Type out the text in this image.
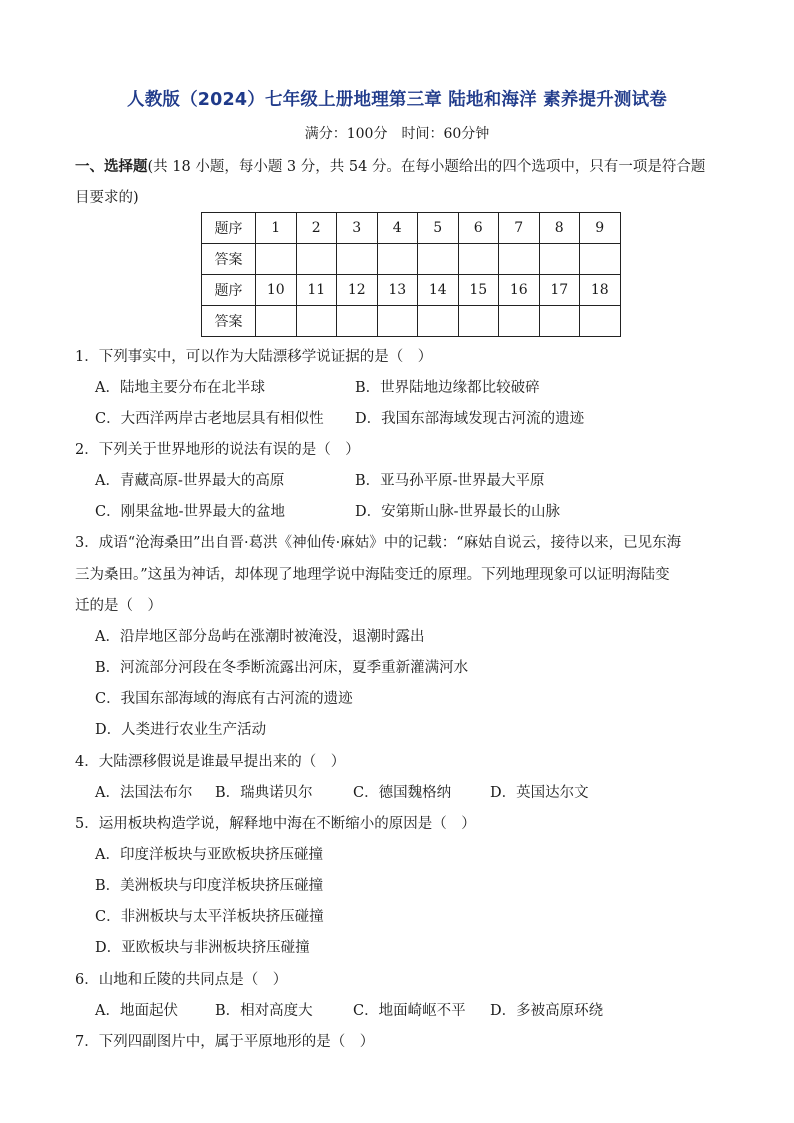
人教版（2024）七年级上册地理第三章 陆地和海洋 素养提升测试卷
满分：100分　时间：60分钟
一、选择题(共 18 小题，每小题 3 分，共 54 分。在每小题给出的四个选项中，只有一项是符合题
目要求的)
题序	1	2	3	4	5	6	7	8	9
答案									
题序	10	11	12	13	14	15	16	17	18
答案									
1．下列事实中，可以作为大陆漂移学说证据的是（　）
A．陆地主要分布在北半球	B．世界陆地边缘都比较破碎
C．大西洋两岸古老地层具有相似性 D．我国东部海域发现古河流的遗迹
2．下列关于世界地形的说法有误的是（　）
A．青藏高原-世界最大的高原	B．亚马孙平原-世界最大平原
C．刚果盆地-世界最大的盆地	D．安第斯山脉-世界最长的山脉
3．成语“沧海桑田”出自晋·葛洪《神仙传·麻姑》中的记载：“麻姑自说云，接待以来，已见东海
三为桑田。”这虽为神话，却体现了地理学说中海陆变迁的原理。下列地理现象可以证明海陆变
迁的是（　）
A．沿岸地区部分岛屿在涨潮时被淹没，退潮时露出
B．河流部分河段在冬季断流露出河床，夏季重新灌满河水
C．我国东部海域的海底有古河流的遗迹
D．人类进行农业生产活动
4．大陆漂移假说是谁最早提出来的（　）
A．法国法布尔 B．瑞典诺贝尔	C．德国魏格纳	D．英国达尔文
5．运用板块构造学说，解释地中海在不断缩小的原因是（　）
A．印度洋板块与亚欧板块挤压碰撞
B．美洲板块与印度洋板块挤压碰撞
C．非洲板块与太平洋板块挤压碰撞
D．亚欧板块与非洲板块挤压碰撞
6．山地和丘陵的共同点是（　）
A．地面起伏	B．相对高度大	C．地面崎岖不平 D．多被高原环绕
7．下列四副图片中，属于平原地形的是（　）
